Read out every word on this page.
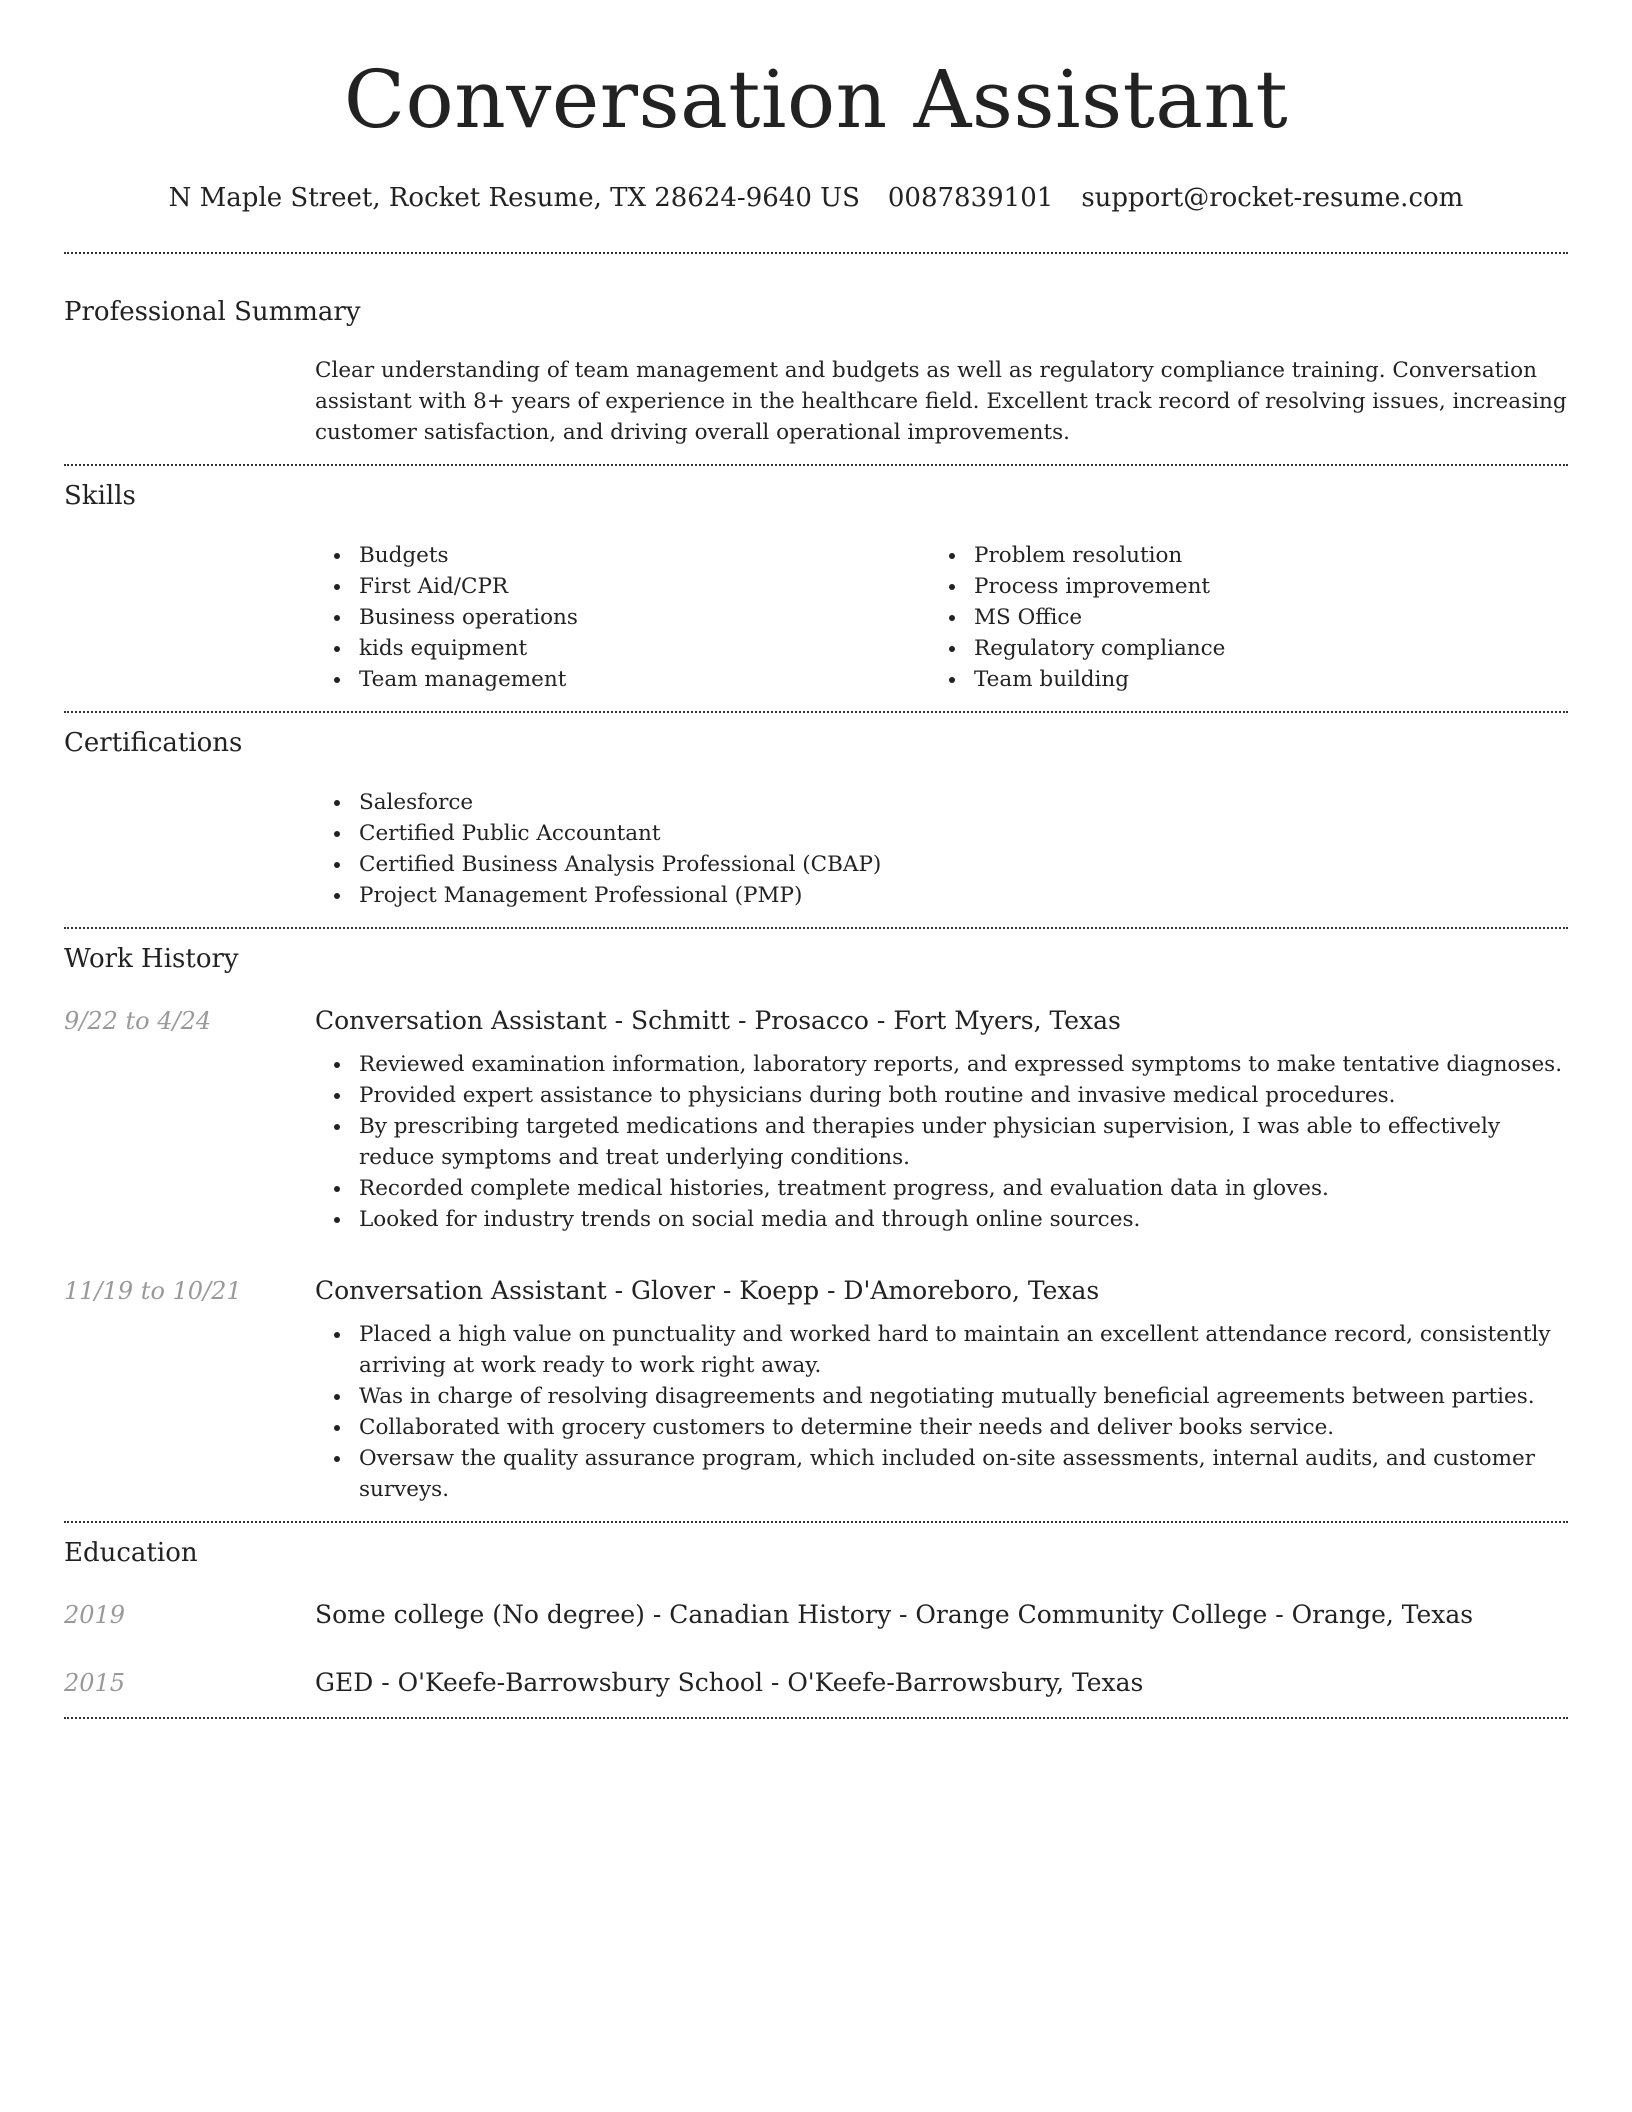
Conversation Assistant
N Maple Street, Rocket Resume, TX 28624-9640 US 0087839101 support@rocket-resume.com
Professional Summary
Clear understanding of team management and budgets as well as regulatory compliance training. Conversation assistant with 8+ years of experience in the healthcare field. Excellent track record of resolving issues, increasing customer satisfaction, and driving overall operational improvements.
Skills
Budgets
First Aid/CPR
Business operations
kids equipment
Team management
Problem resolution
Process improvement
MS Office
Regulatory compliance
Team building
Certifications
Salesforce
Certified Public Accountant
Certified Business Analysis Professional (CBAP)
Project Management Professional (PMP)
Work History
9/22 to 4/24	Conversation Assistant - Schmitt - Prosacco - Fort Myers, Texas
Reviewed examination information, laboratory reports, and expressed symptoms to make tentative diagnoses.
Provided expert assistance to physicians during both routine and invasive medical procedures.
By prescribing targeted medications and therapies under physician supervision, I was able to effectively reduce symptoms and treat underlying conditions.
Recorded complete medical histories, treatment progress, and evaluation data in gloves.
Looked for industry trends on social media and through online sources.
11/19 to 10/21	Conversation Assistant - Glover - Koepp - D'Amoreboro, Texas
Placed a high value on punctuality and worked hard to maintain an excellent attendance record, consistently arriving at work ready to work right away.
Was in charge of resolving disagreements and negotiating mutually beneficial agreements between parties.
Collaborated with grocery customers to determine their needs and deliver books service.
Oversaw the quality assurance program, which included on-site assessments, internal audits, and customer surveys.
Education
2019	Some college (No degree) - Canadian History - Orange Community College - Orange, Texas
2015	GED - O'Keefe-Barrowsbury School - O'Keefe-Barrowsbury, Texas
